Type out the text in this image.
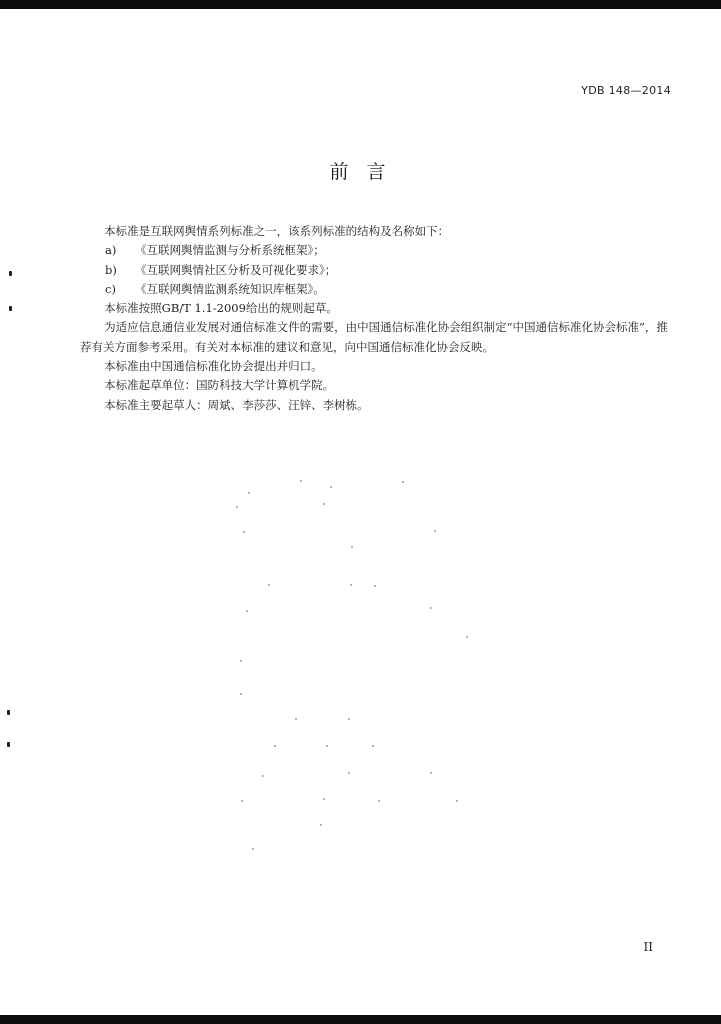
YDB 148—2014
前言

本标准是互联网舆情系列标准之一，该系列标准的结构及名称如下：

a) 《互联网舆情监测与分析系统框架》；

b) 《互联网舆情社区分析及可视化要求》；

c) 《互联网舆情监测系统知识库框架》。

本标准按照GB/T 1.1-2009给出的规则起草。

为适应信息通信业发展对通信标准文件的需要，由中国通信标准化协会组织制定“中国通信标准化协会标准”，推荐有关方面参考采用。有关对本标准的建议和意见，向中国通信标准化协会反映。

本标准由中国通信标准化协会提出并归口。

本标准起草单位：国防科技大学计算机学院。

本标准主要起草人：周斌、李莎莎、汪锌、李树栋。

II
